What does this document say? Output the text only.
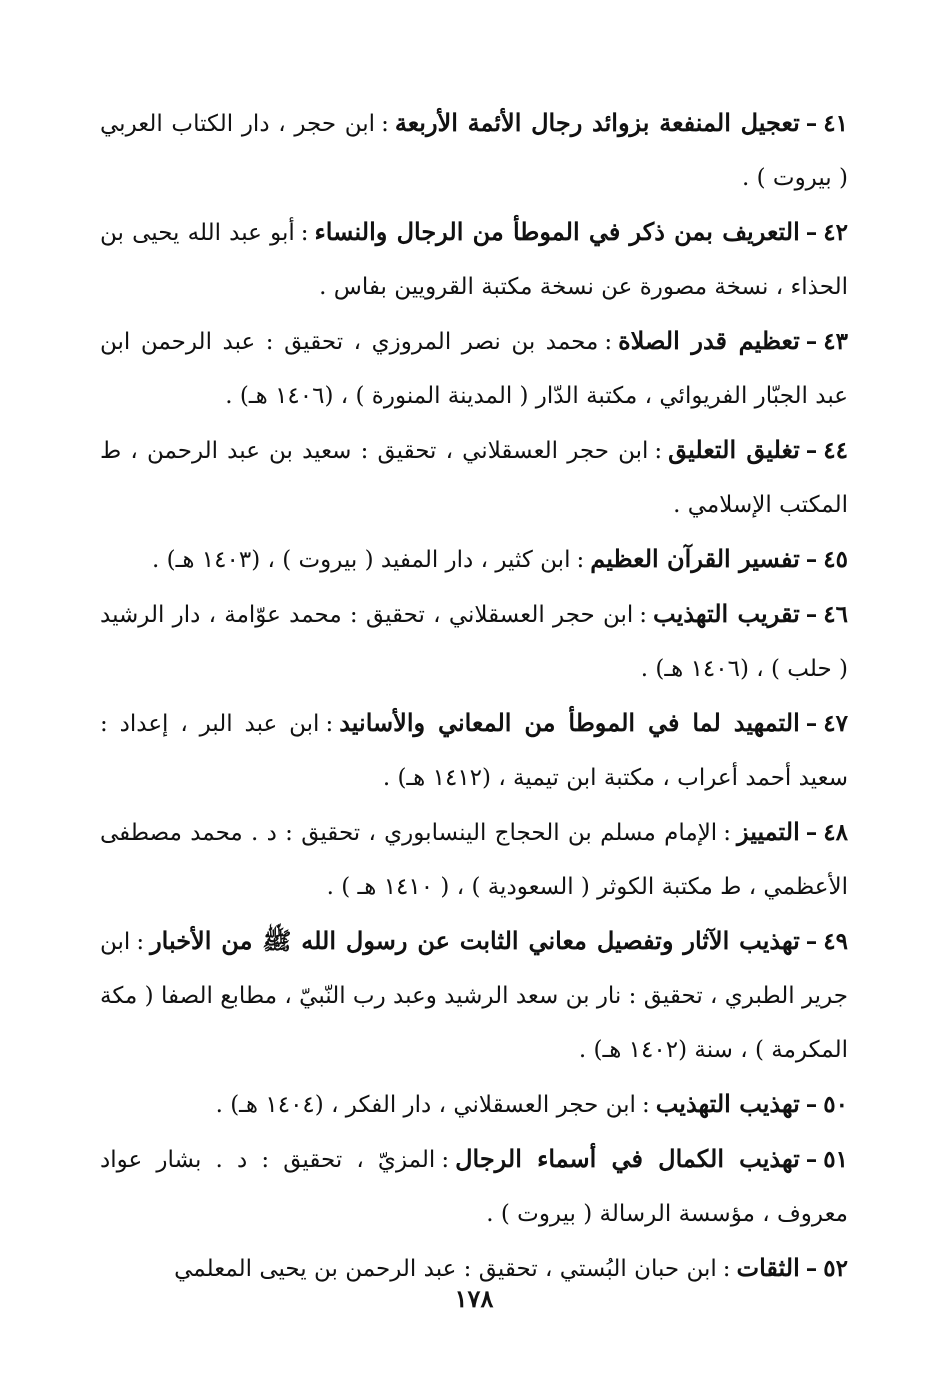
٤١–تعجيل المنفعة بزوائد رجال الأئمة الأربعة:ابن حجر ، دار الكتاب العربي ( بيروت ) .

٤٢–التعريف بمن ذكر في الموطأ من الرجال والنساء:أبو عبد الله يحيى بن الحذاء ، نسخة مصورة عن نسخة مكتبة القرويين بفاس .

٤٣–تعظيم قدر الصلاة:محمد بن نصر المروزي ، تحقيق : عبد الرحمن ابن عبد الجبّار الفريوائي ، مكتبة الدّار ( المدينة المنورة ) ، (١٤٠٦ هـ) .

٤٤–تغليق التعليق:ابن حجر العسقلاني ، تحقيق : سعيد بن عبد الرحمن ، ط المكتب الإسلامي .

٤٥–تفسير القرآن العظيم:ابن كثير ، دار المفيد ( بيروت ) ، (١٤٠٣ هـ) .

٤٦–تقريب التهذيب:ابن حجر العسقلاني ، تحقيق : محمد عوّامة ، دار الرشيد ( حلب ) ، (١٤٠٦ هـ) .

٤٧–التمهيد لما في الموطأ من المعاني والأسانيد:ابن عبد البر ، إعداد : سعيد أحمد أعراب ، مكتبة ابن تيمية ، (١٤١٢ هـ) .

٤٨–التمييز:الإمام مسلم بن الحجاج الينسابوري ، تحقيق : د . محمد مصطفى الأعظمي ، ط مكتبة الكوثر ( السعودية ) ، ( ١٤١٠ هـ ) .

٤٩–تهذيب الآثار وتفصيل معاني الثابت عن رسول الله ﷺ من الأخبار:ابن جرير الطبري ، تحقيق : نار بن سعد الرشيد وعبد رب النّبيّ ، مطابع الصفا ( مكة المكرمة ) ، سنة (١٤٠٢ هـ) .

٥٠–تهذيب التهذيب:ابن حجر العسقلاني ، دار الفكر ، (١٤٠٤ هـ) .

٥١–تهذيب الكمال في أسماء الرجال:المزيّ ، تحقيق : د . بشار عواد معروف ، مؤسسة الرسالة ( بيروت ) .

٥٢–الثقات:ابن حبان البُستي ، تحقيق : عبد الرحمن بن يحيى المعلمي

١٧٨
